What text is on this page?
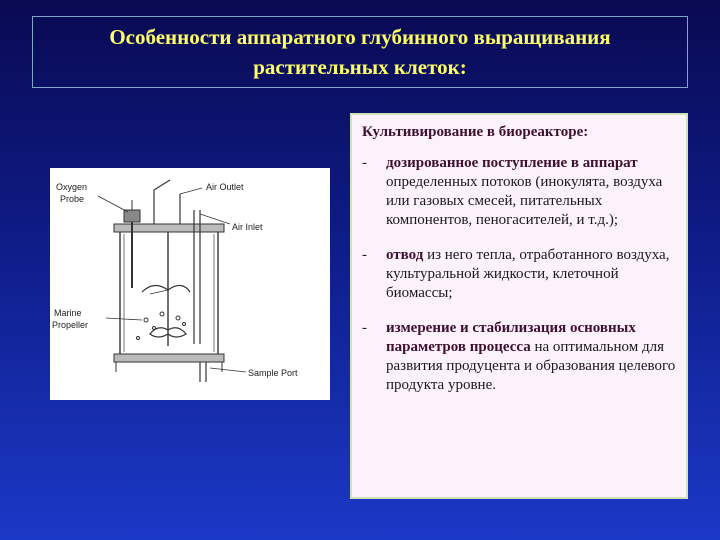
Особенности аппаратного глубинного выращивания
растительных клеток:
Oxygen
Probe
Air Outlet
Air Inlet
Marine
Propeller
Sample Port
Культивирование в биореакторе:
-	дозированное поступление в аппарат определенных потоков (инокулята, воздуха или газовых смесей, питательных компонентов, пеногасителей, и т.д.);
-	отвод из него тепла, отработанного воздуха, культуральной жидкости, клеточной биомассы;
-	измерение и стабилизация основных параметров процесса на оптимальном для развития продуцента и образования целевого продукта уровне.
